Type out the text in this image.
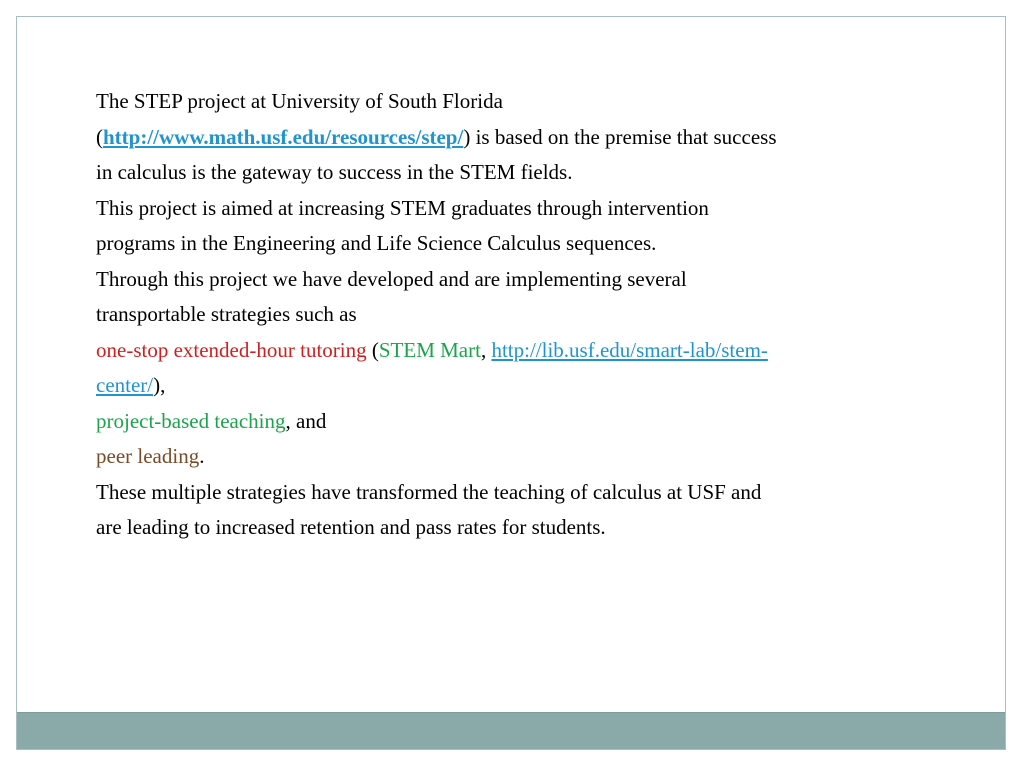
The STEP project at University of South Florida

(http://www.math.usf.edu/resources/step/) is based on the premise that success

in calculus is the gateway to success in the STEM fields.

This project is aimed at increasing STEM graduates through intervention

programs in the Engineering and Life Science Calculus sequences.

Through this project we have developed and are implementing several

transportable strategies such as

one-stop extended-hour tutoring (STEM Mart, http://lib.usf.edu/smart-lab/stem-

center/),

project-based teaching, and

peer leading.

These multiple strategies have transformed the teaching of calculus at USF and

are leading to increased retention and pass rates for students.
